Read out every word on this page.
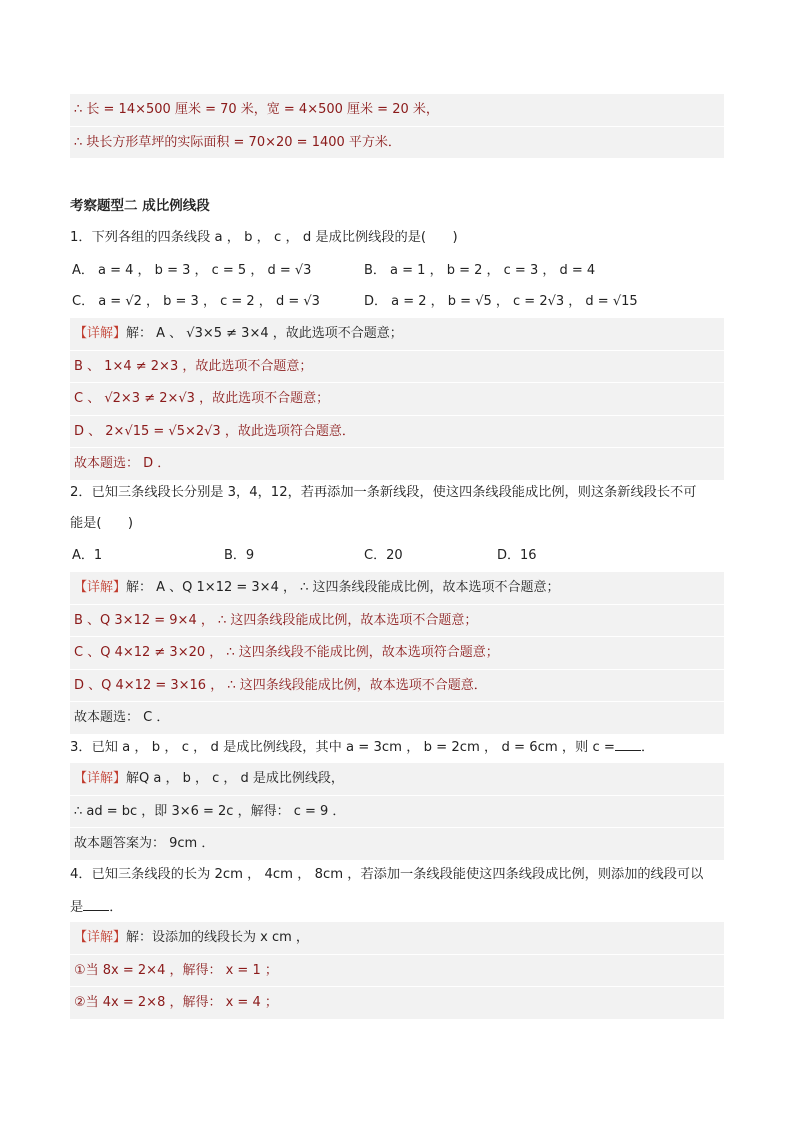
∴ 长 = 14×500 厘米 = 70 米，宽 = 4×500 厘米 = 20 米，
∴ 块长方形草坪的实际面积 = 70×20 = 1400 平方米．
考察题型二 成比例线段
1．下列各组的四条线段 a ， b ， c ， d 是成比例线段的是(　　)
A． a = 4 ， b = 3 ， c = 5 ， d = √3	B． a = 1 ， b = 2 ， c = 3 ， d = 4
C． a = √2 ， b = 3 ， c = 2 ， d = √3	D． a = 2 ， b = √5 ， c = 2√3 ， d = √15
【详解】解： A 、 √3×5 ≠ 3×4 ，故此选项不合题意；
B 、 1×4 ≠ 2×3 ，故此选项不合题意；
C 、 √2×3 ≠ 2×√3 ，故此选项不合题意；
D 、 2×√15 = √5×2√3 ，故此选项符合题意．
故本题选： D ．
2．已知三条线段长分别是 3，4，12，若再添加一条新线段，使这四条线段能成比例，则这条新线段长不可
能是(　　)
A．1	B．9	C．20	D．16
【详解】解： A 、Q 1×12 = 3×4 ， ∴ 这四条线段能成比例，故本选项不合题意；
B 、Q 3×12 = 9×4 ， ∴ 这四条线段能成比例，故本选项不合题意；
C 、Q 4×12 ≠ 3×20 ， ∴ 这四条线段不能成比例，故本选项符合题意；
D 、Q 4×12 = 3×16 ， ∴ 这四条线段能成比例，故本选项不合题意．
故本题选： C ．
3．已知 a ， b ， c ， d 是成比例线段，其中 a = 3cm ， b = 2cm ， d = 6cm ，则 c = ．
【详解】解Q a ， b ， c ， d 是成比例线段，
∴ ad = bc ，即 3×6 = 2c ，解得： c = 9 ．
故本题答案为： 9cm ．
4．已知三条线段的长为 2cm ， 4cm ， 8cm ，若添加一条线段能使这四条线段成比例，则添加的线段可以
是 ．
【详解】解：设添加的线段长为 x cm ，
①当 8x = 2×4 ，解得： x = 1 ；
②当 4x = 2×8 ，解得： x = 4 ；
